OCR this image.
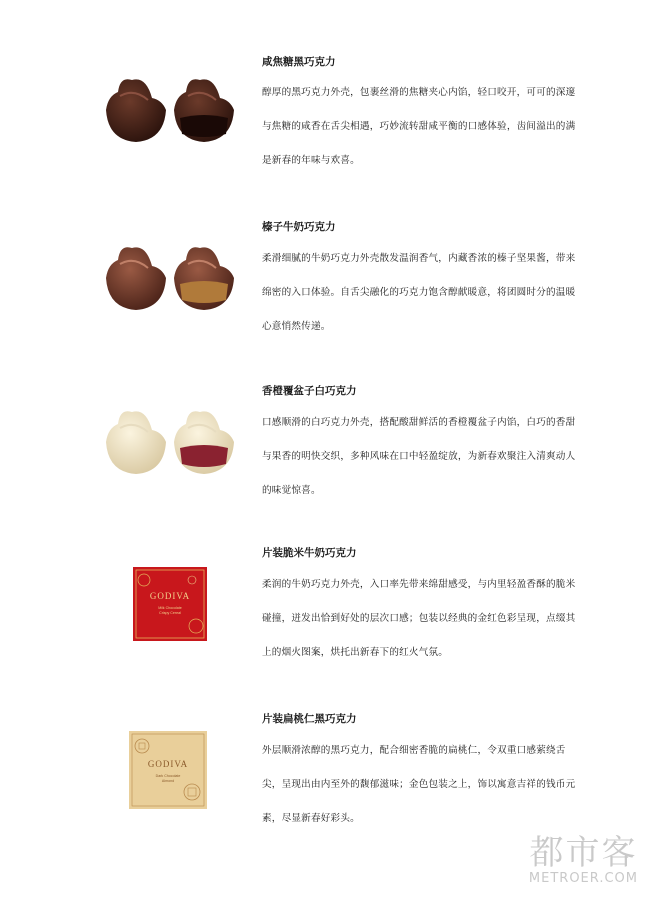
咸焦糖黑巧克力
醇厚的黑巧克力外壳，包裹丝滑的焦糖夹心内馅，轻口咬开，可可的深邃与焦糖的咸香在舌尖相遇，巧妙流转甜咸平衡的口感体验，齿间溢出的满是新春的年味与欢喜。
榛子牛奶巧克力
柔滑细腻的牛奶巧克力外壳散发温润香气，内藏香浓的榛子坚果酱，带来绵密的入口体验。自舌尖融化的巧克力饱含醇献暖意，将团圆时分的温暖心意悄然传递。
香橙覆盆子白巧克力
口感顺滑的白巧克力外壳，搭配酸甜鲜活的香橙覆盆子内馅，白巧的香甜与果香的明快交织，多种风味在口中轻盈绽放，为新春欢聚注入清爽动人的味觉惊喜。
GODIVA
Milk Chocolate
Crispy Cereal
片装脆米牛奶巧克力
柔润的牛奶巧克力外壳，入口率先带来绵甜感受，与内里轻盈香酥的脆米碰撞，迸发出恰到好处的层次口感；包装以经典的金红色彩呈现，点缀其上的烟火图案，烘托出新春下的红火气氛。
GODIVA
Dark Chocolate
Almond
片装扁桃仁黑巧克力
外层顺滑浓醇的黑巧克力，配合细密香脆的扁桃仁，令双重口感萦绕舌尖，呈现出由内至外的馥郁滋味；金色包装之上，饰以寓意吉祥的钱币元素，尽显新春好彩头。
都市客
METROER.COM
